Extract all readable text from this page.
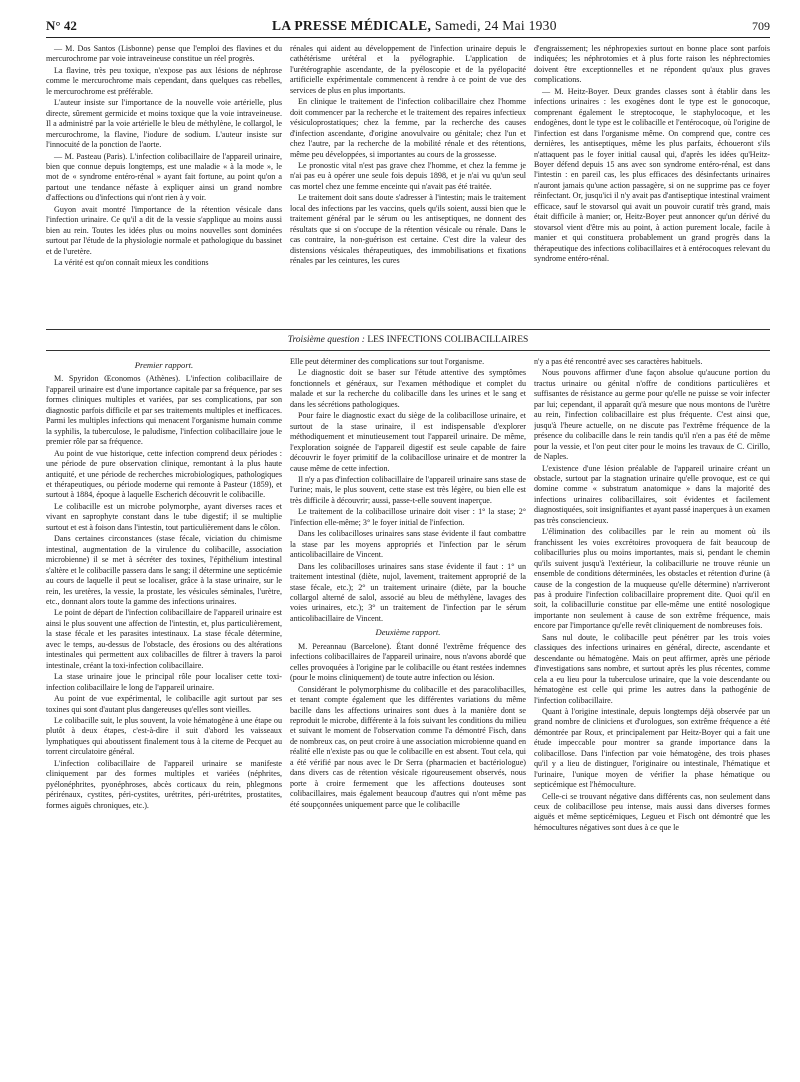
N° 42	LA PRESSE MÉDICALE, Samedi, 24 Mai 1930	709

— M. Dos Santos (Lisbonne) pense que l'emploi des flavines et du mercurochrome par voie intraveineuse constitue un réel progrès.

La flavine, très peu toxique, n'expose pas aux lésions de néphrose comme le mercurochrome mais cependant, dans quelques cas rebelles, le mercurochrome est préférable.

L'auteur insiste sur l'importance de la nouvelle voie artérielle, plus directe, sûrement germicide et moins toxique que la voie intraveineuse. Il a administré par la voie artérielle le bleu de méthylène, le collargol, le mercurochrome, la flavine, l'iodure de sodium. L'auteur insiste sur l'innocuité de la ponction de l'aorte.

— M. Pasteau (Paris). L'infection colibacillaire de l'appareil urinaire, bien que connue depuis longtemps, est une maladie « à la mode », le mot de « syndrome entéro-rénal » ayant fait fortune, au point qu'on a partout une tendance néfaste à expliquer ainsi un grand nombre d'affections ou d'infections qui n'ont rien à y voir.

Guyon avait montré l'importance de la rétention vésicale dans l'infection urinaire. Ce qu'il a dit de la vessie s'applique au moins aussi bien au rein. Toutes les idées plus ou moins nouvelles sont dominées surtout par l'étude de la physiologie normale et pathologique du bassinet et de l'uretère.

La vérité est qu'on connaît mieux les conditions

rénales qui aident au développement de l'infection urinaire depuis le cathétérisme urétéral et la pyélographie. L'application de l'urétérographie ascendante, de la pyéloscopie et de la pyélopacité artificielle expérimentale commencent à rendre à ce point de vue des services de plus en plus importants.

En clinique le traitement de l'infection colibacillaire chez l'homme doit commencer par la recherche et le traitement des repaires infectieux vésiculoprostatiques; chez la femme, par la recherche des causes d'infection ascendante, d'origine anovulvaire ou génitale; chez l'un et chez l'autre, par la recherche de la mobilité rénale et des rétentions, même peu développées, si importantes au cours de la grossesse.

Le pronostic vital n'est pas grave chez l'homme, et chez la femme je n'ai pas eu à opérer une seule fois depuis 1898, et je n'ai vu qu'un seul cas mortel chez une femme enceinte qui n'avait pas été traitée.

Le traitement doit sans doute s'adresser à l'intestin; mais le traitement local des infections par les vaccins, quels qu'ils soient, aussi bien que le traitement général par le sérum ou les antiseptiques, ne donnent des résultats que si on s'occupe de la rétention vésicale ou rénale. Dans le cas contraire, la non-guérison est certaine. C'est dire la valeur des distensions vésicales thérapeutiques, des immobilisations et fixations rénales par les ceintures, les cures

d'engraissement; les néphropexies surtout en bonne place sont parfois indiquées; les néphrotomies et à plus forte raison les néphrectomies doivent être exceptionnelles et ne répondent qu'aux plus graves complications.

— M. Heitz-Boyer. Deux grandes classes sont à établir dans les infections urinaires : les exogènes dont le type est le gonocoque, comprenant également le streptocoque, le staphylocoque, et les endogènes, dont le type est le colibacille et l'entérocoque, où l'origine de l'infection est dans l'organisme même. On comprend que, contre ces dernières, les antiseptiques, même les plus parfaits, échoueront s'ils n'attaquent pas le foyer initial causal qui, d'après les idées qu'Heitz-Boyer défend depuis 15 ans avec son syndrome entéro-rénal, est dans l'intestin : en pareil cas, les plus efficaces des désinfectants urinaires n'auront jamais qu'une action passagère, si on ne supprime pas ce foyer réinfectant. Or, jusqu'ici il n'y avait pas d'antiseptique intestinal vraiment efficace, sauf le stovarsol qui avait un pouvoir curatif très grand, mais était difficile à manier; or, Heitz-Boyer peut annoncer qu'un dérivé du stovarsol vient d'être mis au point, à action purement locale, facile à manier et qui constituera probablement un grand progrès dans la thérapeutique des infections colibacillaires et à entérocoques relevant du syndrome entéro-rénal.

Troisième question : LES INFECTIONS COLIBACILLAIRES
Premier rapport.

M. Spyridon Œconomos (Athènes). L'infection colibacillaire de l'appareil urinaire est d'une importance capitale par sa fréquence, par ses formes cliniques multiples et variées, par ses complications, par son diagnostic parfois difficile et par ses traitements multiples et inefficaces. Parmi les multiples infections qui menacent l'organisme humain comme la syphilis, la tuberculose, le paludisme, l'infection colibacillaire joue le premier rôle par sa fréquence.

Au point de vue historique, cette infection comprend deux périodes : une période de pure observation clinique, remontant à la plus haute antiquité, et une période de recherches microbiologiques, pathologiques et thérapeutiques, ou période moderne qui remonte à Pasteur (1859), et surtout à 1884, époque à laquelle Escherich découvrit le colibacille.

Le colibacille est un microbe polymorphe, ayant diverses races et vivant en saprophyte constant dans le tube digestif; il se multiplie surtout et est à foison dans l'intestin, tout particulièrement dans le côlon.

Dans certaines circonstances (stase fécale, viciation du chimisme intestinal, augmentation de la virulence du colibacille, association microbienne) il se met à sécréter des toxines, l'épithélium intestinal s'altère et le colibacille passera dans le sang; il détermine une septicémie au cours de laquelle il peut se localiser, grâce à la stase urinaire, sur le rein, les uretères, la vessie, la prostate, les vésicules séminales, l'urètre, etc., donnant alors toute la gamme des infections urinaires.

Le point de départ de l'infection colibacillaire de l'appareil urinaire est ainsi le plus souvent une affection de l'intestin, et, plus particulièrement, la stase fécale et les parasites intestinaux. La stase fécale détermine, avec le temps, au-dessus de l'obstacle, des érosions ou des altérations intestinales qui permettent aux colibacilles de filtrer à travers la paroi intestinale, créant la toxi-infection colibacillaire.

La stase urinaire joue le principal rôle pour localiser cette toxi-infection colibacillaire le long de l'appareil urinaire.

Au point de vue expérimental, le colibacille agit surtout par ses toxines qui sont d'autant plus dangereuses qu'elles sont vieilles.

Le colibacille suit, le plus souvent, la voie hématogène à une étape ou plutôt à deux étapes, c'est-à-dire il suit d'abord les vaisseaux lymphatiques qui aboutissent finalement tous à la citerne de Pecquet au torrent circulatoire général.

L'infection colibacillaire de l'appareil urinaire se manifeste cliniquement par des formes multiples et variées (néphrites, pyélonéphrites, pyonéphroses, abcès corticaux du rein, phlegmons périrénaux, cystites, péri-cystites, urétrites, péri-urétrites, prostatites, formes aiguës chroniques, etc.).

Elle peut déterminer des complications sur tout l'organisme.

Le diagnostic doit se baser sur l'étude attentive des symptômes fonctionnels et généraux, sur l'examen méthodique et complet du malade et sur la recherche du colibacille dans les urines et le sang et dans les sécrétions pathologiques.

Pour faire le diagnostic exact du siège de la colibacillose urinaire, et surtout de la stase urinaire, il est indispensable d'explorer méthodiquement et minutieusement tout l'appareil urinaire. De même, l'exploration soignée de l'appareil digestif est seule capable de faire découvrir le foyer primitif de la colibacillose urinaire et de montrer la cause même de cette infection.

Il n'y a pas d'infection colibacillaire de l'appareil urinaire sans stase de l'urine; mais, le plus souvent, cette stase est très légère, ou bien elle est très difficile à découvrir; aussi, passe-t-elle souvent inaperçue.

Le traitement de la colibacillose urinaire doit viser : 1° la stase; 2° l'infection elle-même; 3° le foyer initial de l'infection.

Dans les colibacilloses urinaires sans stase évidente il faut combattre la stase par les moyens appropriés et l'infection par le sérum anticolibacillaire de Vincent.

Dans les colibacilloses urinaires sans stase évidente il faut : 1° un traitement intestinal (diète, nujol, lavement, traitement approprié de la stase fécale, etc.); 2° un traitement urinaire (diète, par la bouche collargol alterné de salol, associé au bleu de méthylène, lavages des voies urinaires, etc.); 3° un traitement de l'infection par le sérum anticolibacillaire de Vincent.

Deuxième rapport.

M. Pereannau (Barcelone). Étant donné l'extrême fréquence des infections colibacillaires de l'appareil urinaire, nous n'avons abordé que celles provoquées à l'origine par le colibacille ou étant restées indemnes (pour le moins cliniquement) de toute autre infection ou lésion.

Considérant le polymorphisme du colibacille et des paracolibacilles, et tenant compte également que les différentes variations du même bacille dans les affections urinaires sont dues à la manière dont se reproduit le microbe, différente à la fois suivant les conditions du milieu et suivant le moment de l'observation comme l'a démontré Fisch, dans de nombreux cas, on peut croire à une association microbienne quand en réalité elle n'existe pas ou que le colibacille en est absent. Tout cela, qui a été vérifié par nous avec le Dr Serra (pharmacien et bactériologue) dans divers cas de rétention vésicale rigoureusement observés, nous porte à croire fermement que les affections douteuses sont colibacillaires, mais également beaucoup d'autres qui n'ont même pas été soupçonnées uniquement parce que le colibacille

n'y a pas été rencontré avec ses caractères habituels.

Nous pouvons affirmer d'une façon absolue qu'aucune portion du tractus urinaire ou génital n'offre de conditions particulières et suffisantes de résistance au germe pour qu'elle ne puisse se voir infecter par lui; cependant, il apparaît qu'à mesure que nous montons de l'urètre au rein, l'infection colibacillaire est plus fréquente. C'est ainsi que, jusqu'à l'heure actuelle, on ne discute pas l'extrême fréquence de la présence du colibacille dans le rein tandis qu'il n'en a pas été de même pour la vessie, et l'on peut citer pour le moins les travaux de C. Cirillo, de Naples.

L'existence d'une lésion préalable de l'appareil urinaire créant un obstacle, surtout par la stagnation urinaire qu'elle provoque, est ce qui domine comme « substratum anatomique » dans la majorité des infections urinaires colibacillaires, soit évidentes et facilement diagnostiquées, soit insignifiantes et ayant passé inaperçues à un examen pas très consciencieux.

L'élimination des colibacilles par le rein au moment où ils franchissent les voies excrétoires provoquera de fait beaucoup de colibacilluries plus ou moins importantes, mais si, pendant le chemin qu'ils suivent jusqu'à l'extérieur, la colibacillurie ne trouve réunie un ensemble de conditions déterminées, les obstacles et rétention d'urine (à cause de la congestion de la muqueuse qu'elle détermine) n'arriveront pas à produire l'infection colibacillaire proprement dite. Quoi qu'il en soit, la colibacillurie constitue par elle-même une entité nosologique importante non seulement à cause de son extrême fréquence, mais encore par l'importance qu'elle revêt cliniquement de nombreuses fois.

Sans nul doute, le colibacille peut pénétrer par les trois voies classiques des infections urinaires en général, directe, ascendante et descendante ou hématogène. Mais on peut affirmer, après une période d'investigations sans nombre, et surtout après les plus récentes, comme cela a eu lieu pour la tuberculose urinaire, que la voie descendante ou hématogène est celle qui prime les autres dans la pathogénie de l'infection colibacillaire.

Quant à l'origine intestinale, depuis longtemps déjà observée par un grand nombre de cliniciens et d'urologues, son extrême fréquence a été démontrée par Roux, et principalement par Heitz-Boyer qui a fait une étude impeccable pour montrer sa grande importance dans la colibacillose. Dans l'infection par voie hématogène, des trois phases qu'il y a lieu de distinguer, l'originaire ou intestinale, l'hématique et l'urinaire, l'unique moyen de vérifier la phase hématique ou septicémique est l'hémoculture.

Celle-ci se trouvant négative dans différents cas, non seulement dans ceux de colibacillose peu intense, mais aussi dans diverses formes aiguës et même septicémiques, Legueu et Fisch ont démontré que les hémocultures négatives sont dues à ce que le
